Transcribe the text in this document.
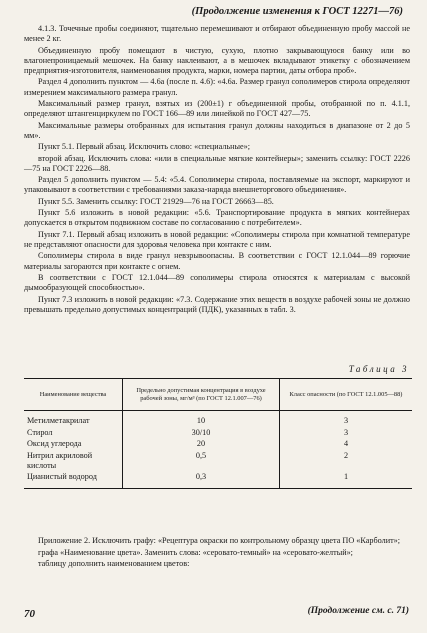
(Продолжение изменения к ГОСТ 12271—76)

4.1.3. Точечные пробы соединяют, тщательно перемешивают и отбирают объединенную пробу массой не менее 2 кг.

Объединенную пробу помещают в чистую, сухую, плотно закрывающуюся банку или во влагонепроницаемый мешочек. На банку наклеивают, а в мешочек вкладывают этикетку с обозначением предприятия-изготовителя, наименования продукта, марки, номера партии, даты отбора проб».

Раздел 4 дополнить пунктом — 4.6а (после п. 4.6): «4.6а. Размер гранул сополимеров стирола определяют измерением максимального размера гранул.

Максимальный размер гранул, взятых из (200±1) г объединенной пробы, отобранной по п. 4.1.1, определяют штангенциркулем по ГОСТ 166—89 или линейкой по ГОСТ 427—75.

Максимальные размеры отобранных для испытания гранул должны находиться в диапазоне от 2 до 5 мм».

Пункт 5.1. Первый абзац. Исключить слово: «специальные»;

второй абзац. Исключить слова: «или в специальные мягкие контейнеры»; заменить ссылку: ГОСТ 2226—75 на ГОСТ 2226—88.

Раздел 5 дополнить пунктом — 5.4: «5.4. Сополимеры стирола, поставляемые на экспорт, маркируют и упаковывают в соответствии с требованиями заказа-наряда внешнеторгового объединения».

Пункт 5.5. Заменить ссылку: ГОСТ 21929—76 на ГОСТ 26663—85.

Пункт 5.6 изложить в новой редакции: «5.6. Транспортирование продукта в мягких контейнерах допускается в открытом подвижном составе по согласованию с потребителем».

Пункт 7.1. Первый абзац изложить в новой редакции: «Сополимеры стирола при комнатной температуре не представляют опасности для здоровья человека при контакте с ним.

Сополимеры стирола в виде гранул невзрывоопасны. В соответствии с ГОСТ 12.1.044—89 горючие материалы загораются при контакте с огнем.

В соответствии с ГОСТ 12.1.044—89 сополимеры стирола относятся к материалам с высокой дымообразующей способностью».

Пункт 7.3 изложить в новой редакции: «7.3. Содержание этих веществ в воздухе рабочей зоны не должно превышать предельно допустимых концентраций (ПДК), указанных в табл. 3.

Таблица 3
Наименование вещества	Предельно допустимая концентрация в воздухе рабочей зоны, мг/м³ (по ГОСТ 12.1.007—76)	Класс опасности (по ГОСТ 12.1.005—88)
Метилметакрилат	10	3
Стирол	30/10	3
Оксид углерода	20	4
Нитрил акриловой кислоты	0,5	2
Цианистый водород	0,3	1

Приложение 2. Исключить графу: «Рецептура окраски по контрольному образцу цвета ПО «Карболит»;

графа «Наименование цвета». Заменить слова: «серовато-темный» на «серовато-желтый»;

таблицу дополнить наименованием цветов:

70	(Продолжение см. с. 71)
